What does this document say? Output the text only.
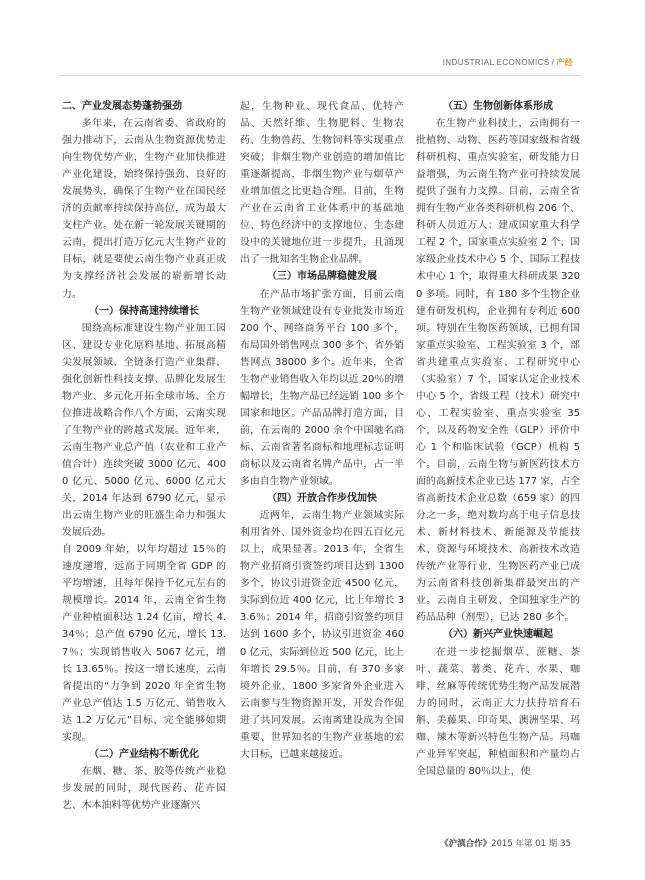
INDUSTRIAL ECONOMICS / 产经
二、产业发展态势蓬勃强劲

多年来，在云南省委、省政府的强力推动下，云南从生物资源优势走向生物优势产业，生物产业加快推进产业化建设，始终保持强劲、良好的发展势头，确保了生物产业在国民经济的贡献率持续保持高位，成为最大支柱产业。处在新一轮发展关键期的云南，提出打造万亿元大生物产业的目标，就是要使云南生物产业真正成为支撑经济社会发展的崭新增长动力。

（一）保持高速持续增长

围绕高标准建设生物产业加工园区、建设专业化原料基地、拓展高精尖发展领域、全链条打造产业集群、强化创新性科技支撑、品牌化发展生物产业、多元化开拓全球市场、全方位推进战略合作八个方面，云南实现了生物产业的跨越式发展。近年来，云南生物产业总产值（农业和工业产值合计）连续突破 3000 亿元、4000 亿元、5000 亿元、6000 亿元大关，2014 年达到 6790 亿元，显示出云南生物产业的旺盛生命力和强大发展后劲。

自 2009 年始，以年均超过 15％的速度递增，远高于同期全省 GDP 的平均增速，且每年保持千亿元左右的规模增长。2014 年，云南全省生物产业种植面积达 1.24 亿亩，增长 4.34％；总产值 6790 亿元，增长 13.7％；实现销售收入 5067 亿元，增长 13.65％。按这一增长速度，云南省提出的“力争到 2020 年全省生物产业总产值达 1.5 万亿元、销售收入达 1.2 万亿元”目标，完全能够如期实现。

（二）产业结构不断优化

在烟、糖、茶、胶等传统产业稳步发展的同时，现代医药、花卉园艺、木本油料等优势产业逐渐兴

起，生物种业、现代食品、优特产品、天然纤维、生物肥料、生物农药、生物兽药、生物饲料等实现重点突破；非烟生物产业创造的增加值比重逐渐提高，非烟生物产业与烟草产业增加值之比更趋合理。目前，生物产业在云南省工业体系中的基础地位、特色经济中的支撑地位、生态建设中的关键地位进一步提升，且涌现出了一批知名生物企业品牌。

（三）市场品牌稳健发展

在产品市场扩张方面，目前云南生物产业领域建设有专业批发市场近 200 个、网络商务平台 100 多个，布局国外销售网点 300 多个、省外销售网点 38000 多个。近年来，全省生物产业销售收入年均以近 20％的增幅增长，生物产品已经远销 100 多个国家和地区。产品品牌打造方面，目前，在云南的 2000 余个中国驰名商标、云南省著名商标和地理标志证明商标以及云南省名牌产品中，占一半多由自生物产业领域。

（四）开放合作步伐加快

近两年，云南生物产业领域实际利用省外、国外资金均在四五百亿元以上，成果显著。2013 年，全省生物产业招商引资签约项目达到 1300 多个，协议引进资金近 4500 亿元，实际到位近 400 亿元，比上年增长 33.6％；2014 年，招商引资签约项目达到 1600 多个，协议引进资金 4600 亿元，实际到位近 500 亿元，比上年增长 29.5％。目前，有 370 多家境外企业、1800 多家省外企业进入云南参与生物资源开发，开发合作促进了共同发展。云南离建设成为全国重要、世界知名的生物产业基地的宏大目标，已越来越接近。

（五）生物创新体系形成

在生物产业科技上，云南拥有一批植物、动物、医药等国家级和省级科研机构、重点实验室，研发能力日益增强，为云南生物产业可持续发展提供了强有力支撑。目前，云南全省拥有生物产业各类科研机构 206 个、科研人员近万人；建成国家重大科学工程 2 个，国家重点实验室 2 个、国家级企业技术中心 5 个、国际工程技术中心 1 个，取得重大科研成果 3200 多项。同时，有 180 多个生物企业建有研发机构，企业拥有专利近 600 项。特别在生物医药领域，已拥有国家重点实验室、工程实验室 3 个，部省共建重点实验室、工程研究中心（实验室）7 个，国家认定企业技术中心 5 个，省级工程（技术）研究中心、工程实验室、重点实验室 35 个，以及药物安全性（GLP）评价中心 1 个和临床试验（GCP）机构 5 个。目前，云南生物与新医药技术方面的高新技术企业已达 177 家，占全省高新技术企业总数（659 家）的四分之一多，绝对数均高于电子信息技术、新材料技术、新能源及节能技术、资源与环境技术、高新技术改造传统产业等行业，生物医药产业已成为云南省科技创新集群最突出的产业。云南自主研发、全国独家生产的药品品种（剂型），已达 280 多个。

（六）新兴产业快速崛起

在进一步挖掘烟草、蔗糖、茶叶、蔬菜、薯类、花卉、水果、咖啡、丝麻等传统优势生物产品发展潜力的同时，云南正大力扶持培育石斛、美藤果、印奇果、澳洲坚果、玛咖、辣木等新兴特色生物产品。玛咖产业异军突起，种植面积和产量均占全国总量的 80％以上，使

《沪滇合作》2015 年第 01 期 35
